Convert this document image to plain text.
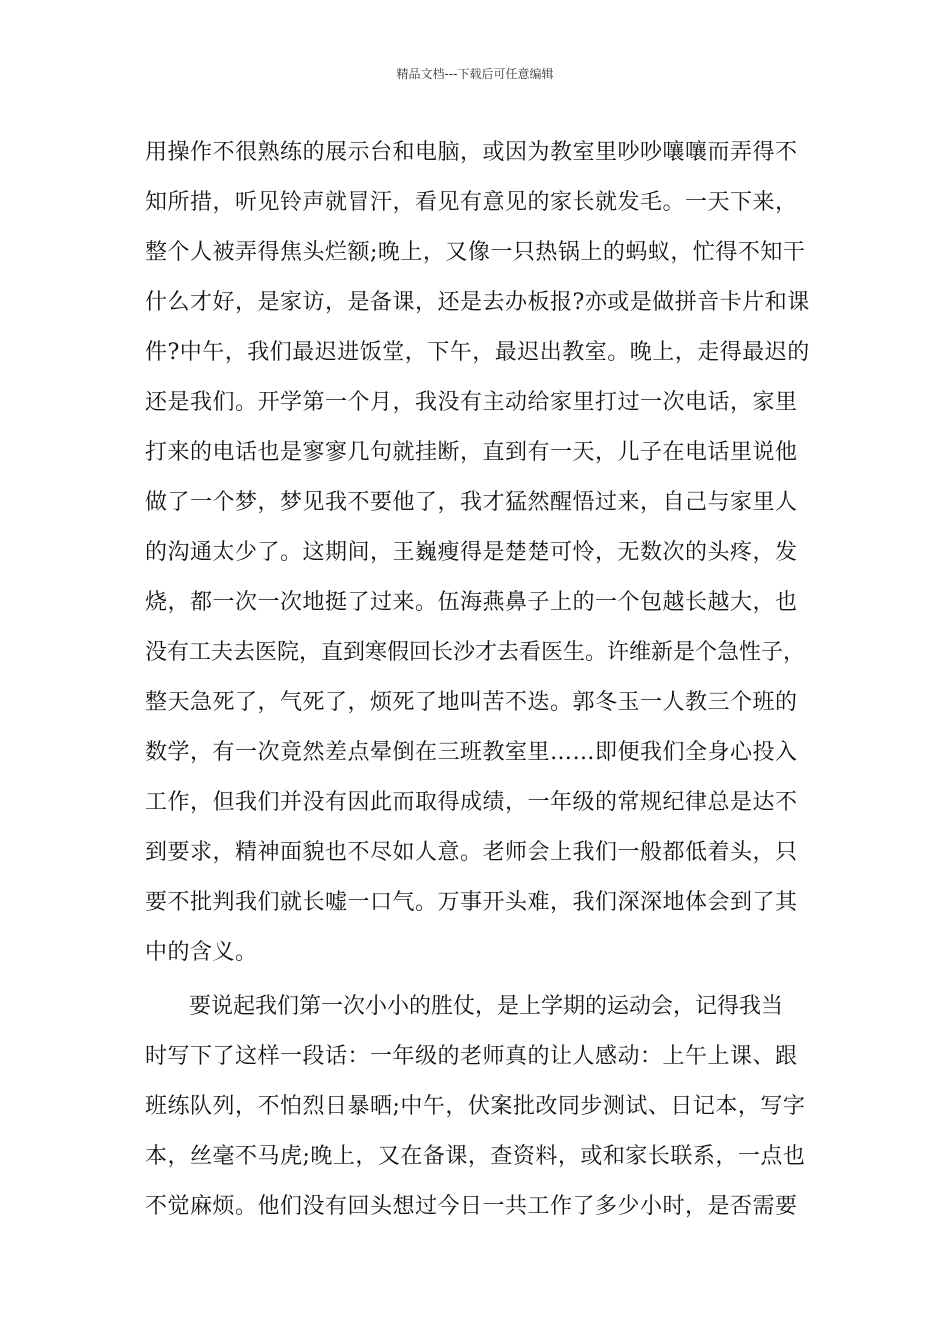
精品文档---下载后可任意编辑
用操作不很熟练的展示台和电脑，或因为教室里吵吵嚷嚷而弄得不
知所措，听见铃声就冒汗，看见有意见的家长就发毛。一天下来，
整个人被弄得焦头烂额;晚上，又像一只热锅上的蚂蚁，忙得不知干
什么才好，是家访，是备课，还是去办板报?亦或是做拼音卡片和课
件?中午，我们最迟进饭堂，下午，最迟出教室。晚上，走得最迟的
还是我们。开学第一个月，我没有主动给家里打过一次电话，家里
打来的电话也是寥寥几句就挂断，直到有一天，儿子在电话里说他
做了一个梦，梦见我不要他了，我才猛然醒悟过来，自己与家里人
的沟通太少了。这期间，王巍瘦得是楚楚可怜，无数次的头疼，发
烧，都一次一次地挺了过来。伍海燕鼻子上的一个包越长越大，也
没有工夫去医院，直到寒假回长沙才去看医生。许维新是个急性子，
整天急死了，气死了，烦死了地叫苦不迭。郭冬玉一人教三个班的
数学，有一次竟然差点晕倒在三班教室里……即便我们全身心投入
工作，但我们并没有因此而取得成绩，一年级的常规纪律总是达不
到要求，精神面貌也不尽如人意。老师会上我们一般都低着头，只
要不批判我们就长嘘一口气。万事开头难，我们深深地体会到了其
中的含义。
要说起我们第一次小小的胜仗，是上学期的运动会，记得我当
时写下了这样一段话：一年级的老师真的让人感动：上午上课、跟
班练队列，不怕烈日暴晒;中午，伏案批改同步测试、日记本，写字
本，丝毫不马虎;晚上，又在备课，查资料，或和家长联系，一点也
不觉麻烦。他们没有回头想过今日一共工作了多少小时，是否需要
